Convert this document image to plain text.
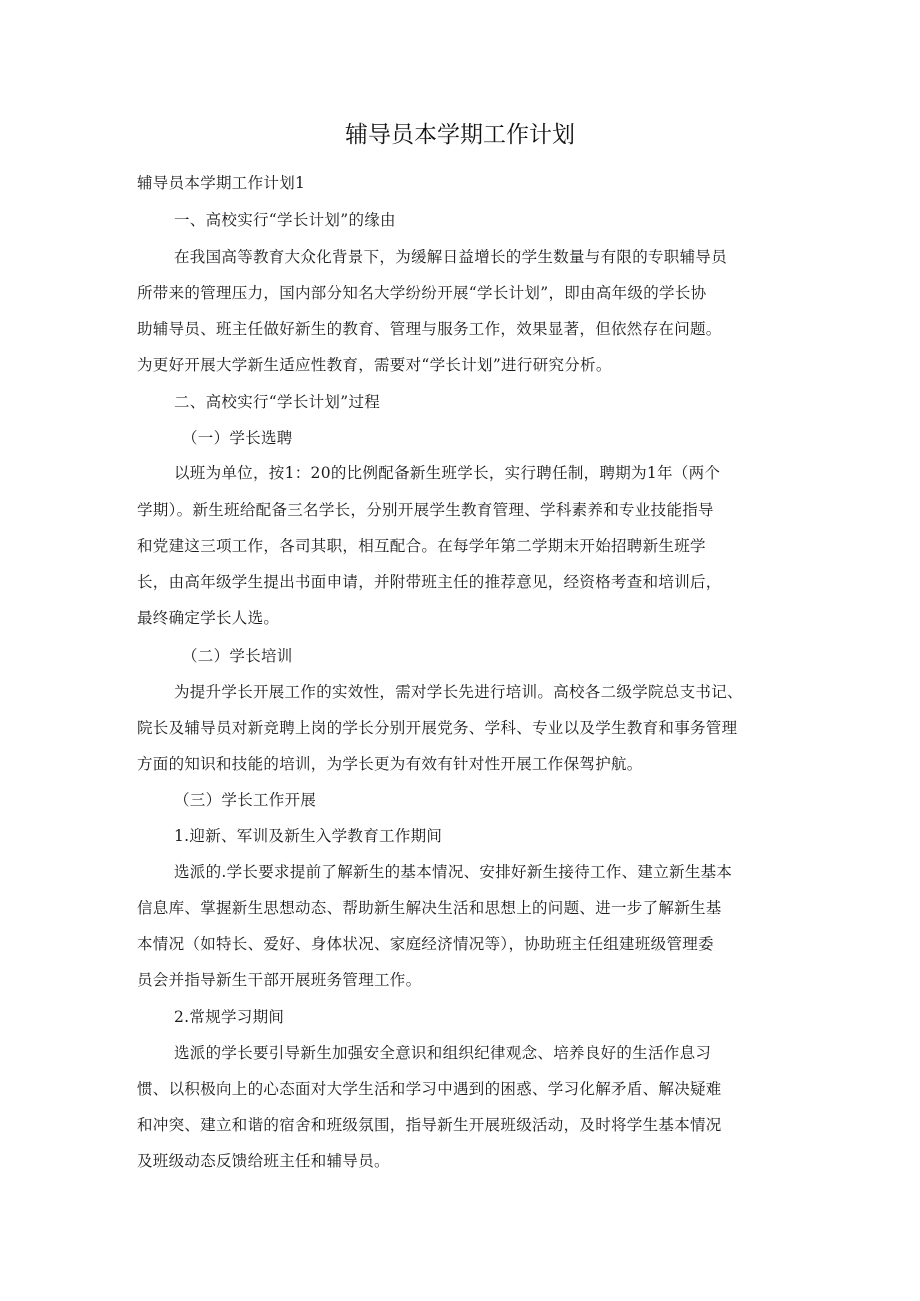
辅导员本学期工作计划
辅导员本学期工作计划1
一、高校实行“学长计划”的缘由
在我国高等教育大众化背景下，为缓解日益增长的学生数量与有限的专职辅导员
所带来的管理压力，国内部分知名大学纷纷开展“学长计划”，即由高年级的学长协
助辅导员、班主任做好新生的教育、管理与服务工作，效果显著，但依然存在问题。
为更好开展大学新生适应性教育，需要对“学长计划”进行研究分析。
二、高校实行“学长计划”过程
（一）学长选聘
以班为单位，按1：20的比例配备新生班学长，实行聘任制，聘期为1年（两个
学期）。新生班给配备三名学长，分别开展学生教育管理、学科素养和专业技能指导
和党建这三项工作，各司其职，相互配合。在每学年第二学期末开始招聘新生班学
长，由高年级学生提出书面申请，并附带班主任的推荐意见，经资格考查和培训后，
最终确定学长人选。
（二）学长培训
为提升学长开展工作的实效性，需对学长先进行培训。高校各二级学院总支书记、
院长及辅导员对新竞聘上岗的学长分别开展党务、学科、专业以及学生教育和事务管理
方面的知识和技能的培训，为学长更为有效有针对性开展工作保驾护航。
（三）学长工作开展
1.迎新、军训及新生入学教育工作期间
选派的.学长要求提前了解新生的基本情况、安排好新生接待工作、建立新生基本
信息库、掌握新生思想动态、帮助新生解决生活和思想上的问题、进一步了解新生基
本情况（如特长、爱好、身体状况、家庭经济情况等），协助班主任组建班级管理委
员会并指导新生干部开展班务管理工作。
2.常规学习期间
选派的学长要引导新生加强安全意识和组织纪律观念、培养良好的生活作息习
惯、以积极向上的心态面对大学生活和学习中遇到的困惑、学习化解矛盾、解决疑难
和冲突、建立和谐的宿舍和班级氛围，指导新生开展班级活动，及时将学生基本情况
及班级动态反馈给班主任和辅导员。
